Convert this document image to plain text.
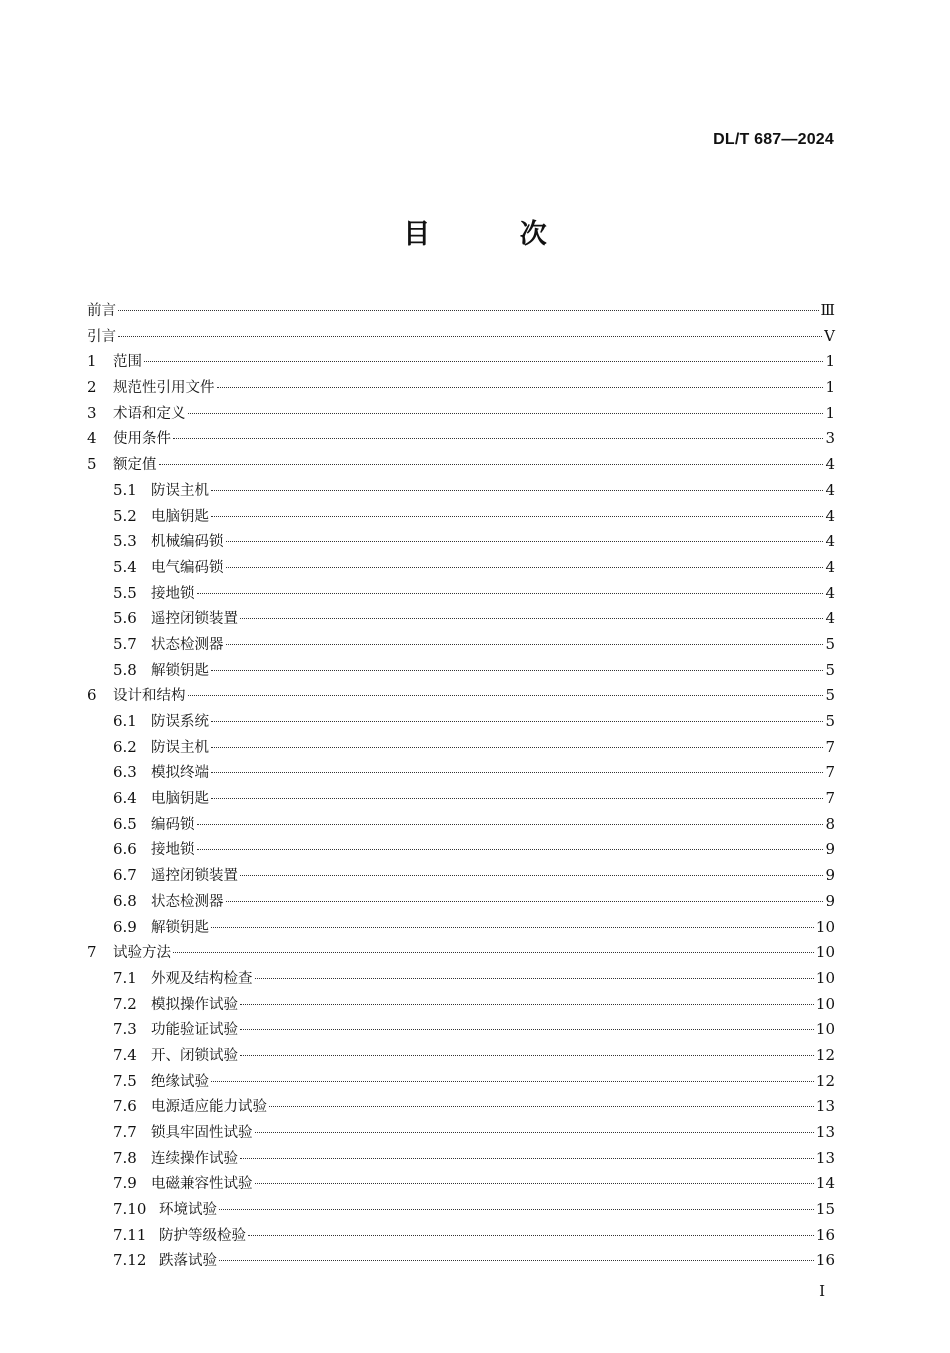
DL/T 687—2024
目 次
前言	Ⅲ
引言	Ⅴ
1	范围	1
2	规范性引用文件	1
3	术语和定义	1
4	使用条件	3
5	额定值	4
5.1 防误主机	4
5.2 电脑钥匙	4
5.3 机械编码锁	4
5.4 电气编码锁	4
5.5 接地锁	4
5.6 遥控闭锁装置	4
5.7 状态检测器	5
5.8 解锁钥匙	5
6	设计和结构	5
6.1 防误系统	5
6.2 防误主机	7
6.3 模拟终端	7
6.4 电脑钥匙	7
6.5 编码锁	8
6.6 接地锁	9
6.7 遥控闭锁装置	9
6.8 状态检测器	9
6.9 解锁钥匙	10
7	试验方法	10
7.1 外观及结构检查	10
7.2 模拟操作试验	10
7.3 功能验证试验	10
7.4 开、闭锁试验	12
7.5 绝缘试验	12
7.6 电源适应能力试验	13
7.7 锁具牢固性试验	13
7.8 连续操作试验	13
7.9 电磁兼容性试验	14
7.10 环境试验	15
7.11 防护等级检验	16
7.12 跌落试验	16
I
